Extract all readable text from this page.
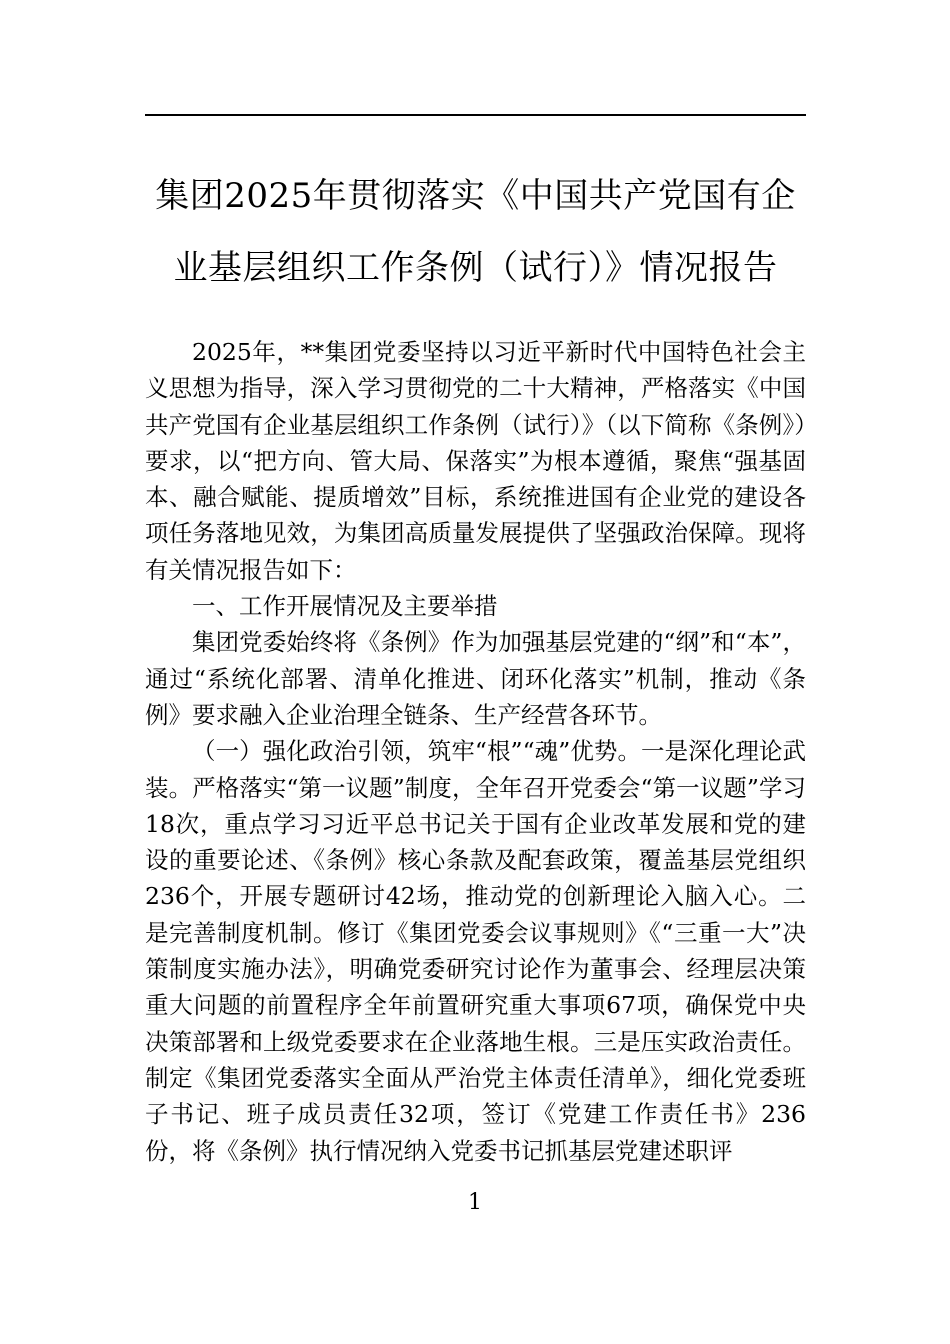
集团2025年贯彻落实《中国共产党国有企
业基层组织工作条例（试行）》情况报告

2025年，**集团党委坚持以习近平新时代中国特色社会主义思想为指导，深入学习贯彻党的二十大精神，严格落实《中国共产党国有企业基层组织工作条例（试行）》（以下简称《条例》）要求，以“把方向、管大局、保落实”为根本遵循，聚焦“强基固本、融合赋能、提质增效”目标，系统推进国有企业党的建设各项任务落地见效，为集团高质量发展提供了坚强政治保障。现将有关情况报告如下：

一、工作开展情况及主要举措

集团党委始终将《条例》作为加强基层党建的“纲”和“本”，通过“系统化部署、清单化推进、闭环化落实”机制，推动《条例》要求融入企业治理全链条、生产经营各环节。

（一）强化政治引领，筑牢“根”“魂”优势。一是深化理论武装。严格落实“第一议题”制度，全年召开党委会“第一议题”学习18次，重点学习习近平总书记关于国有企业改革发展和党的建设的重要论述、《条例》核心条款及配套政策，覆盖基层党组织236个，开展专题研讨42场，推动党的创新理论入脑入心。二是完善制度机制。修订《集团党委会议事规则》《“三重一大”决策制度实施办法》，明确党委研究讨论作为董事会、经理层决策重大问题的前置程序全年前置研究重大事项67项，确保党中央决策部署和上级党委要求在企业落地生根。三是压实政治责任。制定《集团党委落实全面从严治党主体责任清单》，细化党委班子书记、班子成员责任32项，签订《党建工作责任书》236份，将《条例》执行情况纳入党委书记抓基层党建述职评

1
